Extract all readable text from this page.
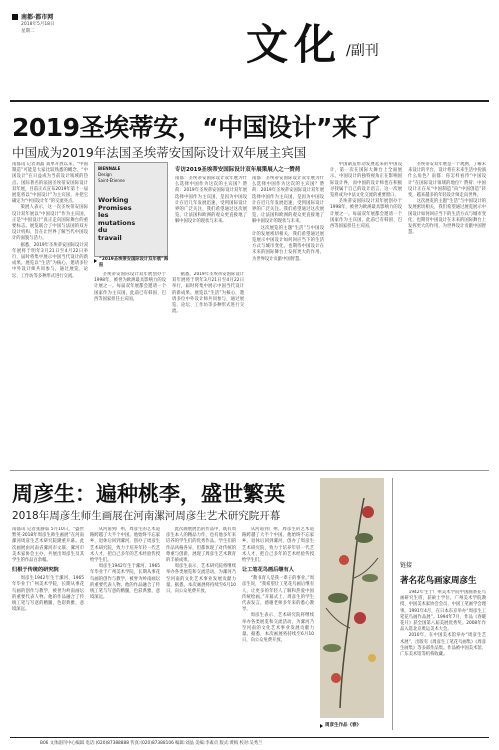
南都·都市网
2018年5月18日
星期二	文化 /副刊
2019圣埃蒂安，“中国设计”来了
中国成为2019年法国圣埃蒂安国际设计双年展主宾国

南都讯 记者刘晶 戏单开放以来，“中国制造”可能是大家比较熟悉的概念，“中国设计”在日益成为当前设计领域的热点。国际著名的法国圣埃蒂安国际设计双年展，目前正式宣布2019年第十一届展览将以“中国设计”为主宾国，并把它确定为“中国设计年”的交流亮点。

策展人表示，这一次圣埃蒂安国际设计双年展以“中国设计”作为主宾国，正是“中国设计”真正走向国际舞台的重要标志。展览联合了中国与法国的双方设计机构，旨在让世界了解当代中国设计的面貌与活力。

据悉，2019年圣埃蒂安国际设计双年展将于明年3月21日至4月22日举行，届时将集中展示中国当代设计的新成果。展览以“生活”为核心，邀请多位中外设计师共同参与，通过展览、论坛、工作坊等多种形式进行交流。

BIENNALE
Design
Saint-Étienne
Working
Promises
les
mutations
du
travail
“2019圣埃蒂安国际设计双年展”海报

圣埃蒂安国际设计双年展创办于1998年，被誉为欧洲最具影响力的设计展之一。每届双年展都会邀请一个国家作为主宾国，此前已有韩国、巴西等国家担任主宾国。

据悉，2019年圣埃蒂安国际设计双年展将于明年3月21日至4月22日举行，届时将集中展示中国当代设计的新成果。展览以“生活”为核心，邀请多位中外设计师共同参与，通过展览、论坛、工作坊等多种形式进行交流。

专访2019圣埃蒂安国际设计双年展策展人之一赞荷

南都：圣埃蒂安国际设计双年展为什么选择中国作为这次的主宾国？赞荷：2019年圣埃蒂安国际设计双年展选择中国作为主宾国，是因为中国设计在近几年发展迅速，受到国际设计界的广泛关注。我们希望通过这次展览，让法国和欧洲的观众更直接地了解中国设计的现状与未来。

南都：圣埃蒂安国际设计双年展为什么选择中国作为这次的主宾国？赞荷：2019年圣埃蒂安国际设计双年展选择中国作为主宾国，是因为中国设计在近几年发展迅速，受到国际设计界的广泛关注。我们希望通过这次展览，让法国和欧洲的观众更直接地了解中国设计的现状与未来。

这次展览的主题“生活”与中国设计的发展密切相关，我们希望通过展览展示中国设计如何回应当下的生活方式与城市变化，也期待中国设计在未来的国际舞台上发挥更大的作用，为世界设计贡献中国智慧。

中国制造带动发展起来的中国设计，第一次在国际大舞台上全面展示。中国设计的独特视角正在影响国际设计界，而中国的设计师也在积极寻找属于自己的设计语言，这一次展览将成为中法文化交流的重要窗口。

圣埃蒂安国际设计双年展创办于1998年，被誉为欧洲最具影响力的设计展之一。每届双年展都会邀请一个国家作为主宾国，此前已有韩国、巴西等国家担任主宾国。

圣埃蒂安双年展是一个观测、了解未来设计的平台，设计将在未来生活中扮演什么角色？南都：你怎样看待“中国设计”在国际设计领域的地位？赞荷：中国设计正在从“中国制造”向“中国创造”转变，越来越多的年轻设计师走向世界。

这次展览的主题“生活”与中国设计的发展密切相关，我们希望通过展览展示中国设计如何回应当下的生活方式与城市变化，也期待中国设计在未来的国际舞台上发挥更大的作用，为世界设计贡献中国智慧。

周彦生：遍种桃李，盛世繁英
2018年周彦生师生画展在河南漯河周彦生艺术研究院开幕

南都讯 记者张静茹 5月10日，“盛世繁英·2018年周彦生师生画展”在河南漯河周彦生艺术研究院隆重开幕。此次画展由河南省漯河市文联、漯河市美术家协会主办，共展出周彦生及其学生的作品百余幅。

归根于传统的研究院

周彦生1942年生于漯河，1965年毕业于广州美术学院，长期从事花鸟画的创作与教学，被誉为岭南画坛的重要代表人物。他的作品融合了传统工笔与写意的精髓，色彩典雅，意境深远。

从河南到广州，周彦生的艺术道路跨越了大半个中国。他始终不忘家乡，退休后回到漯河，创办了周彦生艺术研究院，致力于培养年轻一代艺术人才，把自己多年的艺术经验传授给学生们。

周彦生1942年生于漯河，1965年毕业于广州美术学院，长期从事花鸟画的创作与教学，被誉为岭南画坛的重要代表人物。他的作品融合了传统工笔与写意的精髓，色彩典雅，意境深远。

此次画展展出的作品中，既有周彦生本人的精品力作，也有他多年来培养的学生们的优秀作品。学生们的作品风格各异，但都体现了对传统的尊重与创新，展现了周彦生艺术教育的丰硕成果。

周彦生表示，艺术研究院将继续举办各类展览和交流活动，为漯河乃至河南的文化艺术事业发展贡献力量。据悉，本次画展将持续至6月10日，向公众免费开放。

从河南到广州，周彦生的艺术道路跨越了大半个中国。他始终不忘家乡，退休后回到漯河，创办了周彦生艺术研究院，致力于培养年轻一代艺术人才，把自己多年的艺术经验传授给学生们。

让工笔花鸟画后继有人

“教书育人是我一辈子的事业。”周彦生说，“我希望让工笔花鸟画后继有人，让更多的年轻人了解和热爱中国传统绘画。”开幕式上，周彦生的学生代表发言，感谢老师多年来的悉心教导。

周彦生表示，艺术研究院将继续举办各类展览和交流活动，为漯河乃至河南的文化艺术事业发展贡献力量。据悉，本次画展将持续至6月10日，向公众免费开放。

周彦生作品《春》
链接
著名花鸟画家周彦生

1942年生于广州美术学院中国画系花鸟画研究生班，获硕士学位。广州美术学院教授、中国美术家协会会员、中国工笔画学会理事。1991年4月，在日本东京举办“周彦生工笔花鸟画作品展”。1994年7月，作品《春暖花开》获全国第八届美展优秀奖。2008年作品入选北京奥运美术大会。

2010年，在中国美术馆举办“周彦生艺术展”，出版有《周彦生工笔花鸟画集》《周彦生画集》等多部作品集。作品被中国美术馆、广东美术馆等机构收藏。

B06 文体副刊中心编辑 电话:(020)87388888 传真:(020)87388106 编辑:刘晶 美编:李素贞 版式:黄梅 校对:吴秀兰
